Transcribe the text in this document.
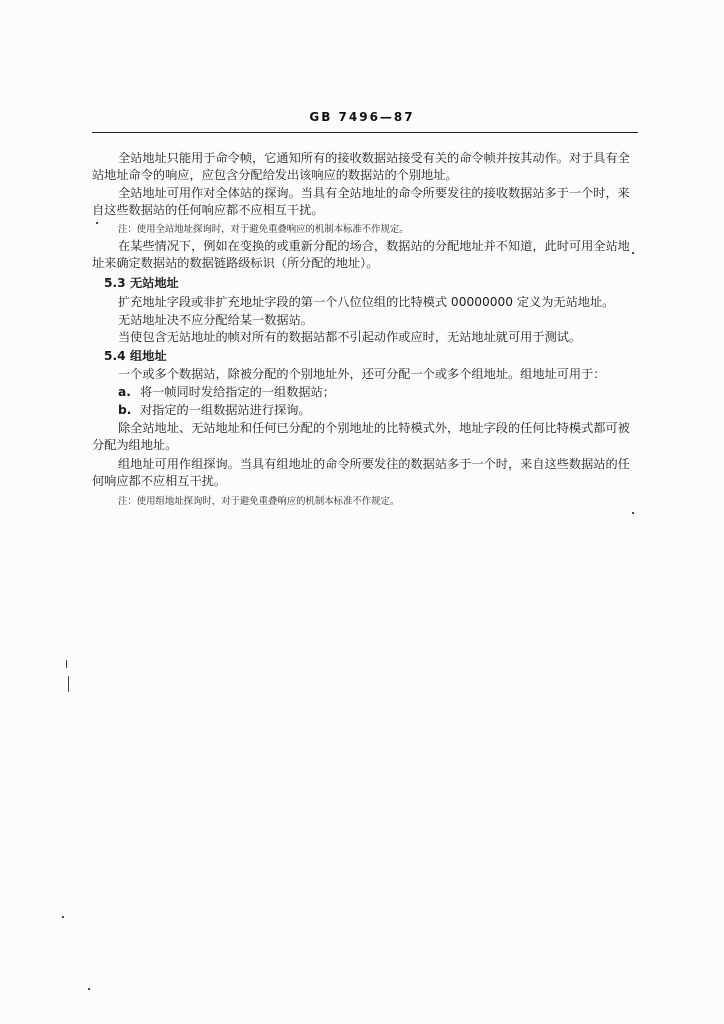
GB 7496—87
全站地址只能用于命令帧，它通知所有的接收数据站接受有关的命令帧并按其动作。对于具有全
站地址命令的响应，应包含分配给发出该响应的数据站的个别地址。
全站地址可用作对全体站的探询。当具有全站地址的命令所要发往的接收数据站多于一个时，来
自这些数据站的任何响应都不应相互干扰。
注：使用全站地址探询时，对于避免重叠响应的机制本标准不作规定。
在某些情况下，例如在变换的或重新分配的场合，数据站的分配地址并不知道，此时可用全站地
址来确定数据站的数据链路级标识（所分配的地址）。
5.3 无站地址
扩充地址字段或非扩充地址字段的第一个八位位组的比特模式 00000000 定义为无站地址。
无站地址决不应分配给某一数据站。
当使包含无站地址的帧对所有的数据站都不引起动作或应时，无站地址就可用于测试。
5.4 组地址
一个或多个数据站，除被分配的个别地址外，还可分配一个或多个组地址。组地址可用于：
a. 将一帧同时发给指定的一组数据站；
b. 对指定的一组数据站进行探询。
除全站地址、无站地址和任何已分配的个别地址的比特模式外，地址字段的任何比特模式都可被
分配为组地址。
组地址可用作组探询。当具有组地址的命令所要发往的数据站多于一个时，来自这些数据站的任
何响应都不应相互干扰。
注：使用组地址探询时，对于避免重叠响应的机制本标准不作规定。
